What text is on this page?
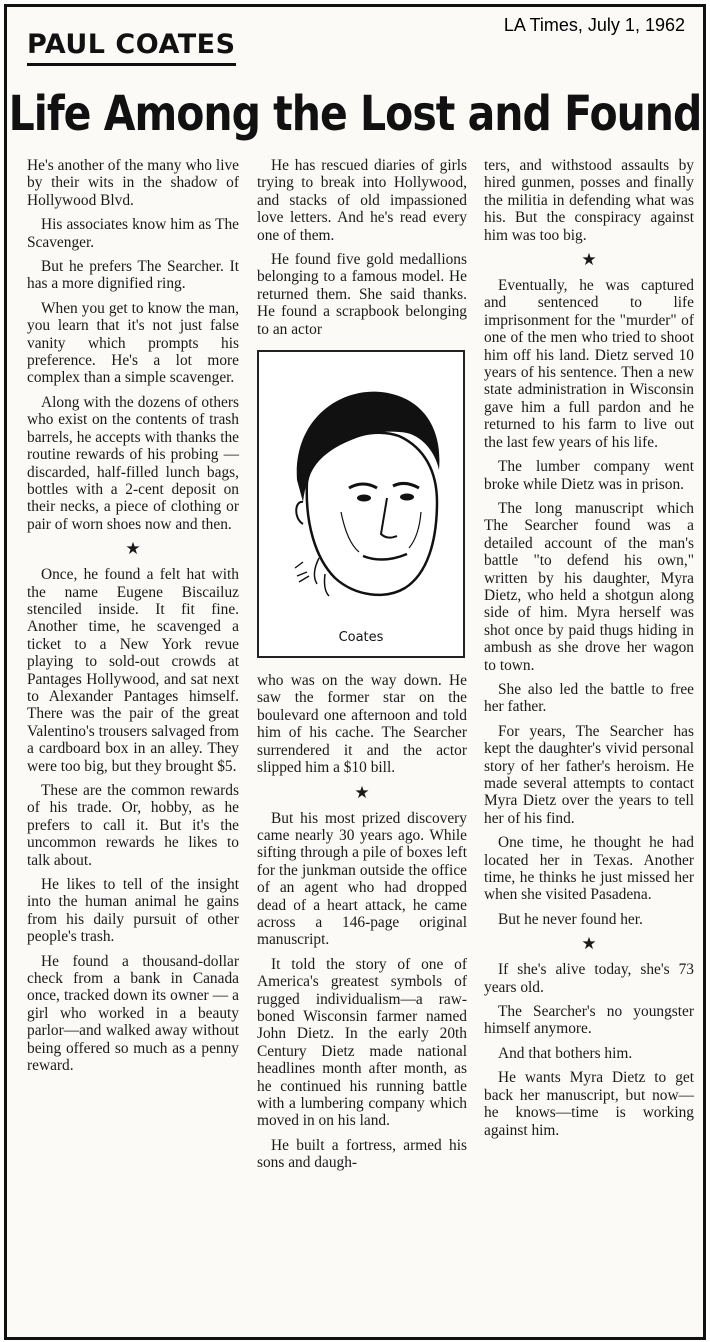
LA Times, July 1, 1962
PAUL COATES
Life Among the Lost and Found

He's another of the many who live by their wits in the shadow of Hollywood Blvd.

His associates know him as The Scavenger.

But he prefers The Searcher. It has a more dignified ring.

When you get to know the man, you learn that it's not just false vanity which prompts his preference. He's a lot more complex than a simple scavenger.

Along with the dozens of others who exist on the contents of trash barrels, he accepts with thanks the routine rewards of his probing — discarded, half-filled lunch bags, bottles with a 2-cent deposit on their necks, a piece of clothing or pair of worn shoes now and then.

★

Once, he found a felt hat with the name Eugene Biscailuz stenciled inside. It fit fine. Another time, he scavenged a ticket to a New York revue playing to sold-out crowds at Pantages Hollywood, and sat next to Alexander Pantages himself. There was the pair of the great Valentino's trousers salvaged from a cardboard box in an alley. They were too big, but they brought $5.

These are the common rewards of his trade. Or, hobby, as he prefers to call it. But it's the uncommon rewards he likes to talk about.

He likes to tell of the insight into the human animal he gains from his daily pursuit of other people's trash.

He found a thousand-dollar check from a bank in Canada once, tracked down its owner — a girl who worked in a beauty parlor—and walked away without being offered so much as a penny reward.

He has rescued diaries of girls trying to break into Hollywood, and stacks of old impassioned love letters. And he's read every one of them.

He found five gold medallions belonging to a famous model. He returned them. She said thanks. He found a scrapbook belonging to an actor

Coates

who was on the way down. He saw the former star on the boulevard one afternoon and told him of his cache. The Searcher surrendered it and the actor slipped him a $10 bill.

★

But his most prized discovery came nearly 30 years ago. While sifting through a pile of boxes left for the junkman outside the office of an agent who had dropped dead of a heart attack, he came across a 146-page original manuscript.

It told the story of one of America's greatest symbols of rugged individualism—a raw-boned Wisconsin farmer named John Dietz. In the early 20th Century Dietz made national headlines month after month, as he continued his running battle with a lumbering company which moved in on his land.

He built a fortress, armed his sons and daugh-

ters, and withstood assaults by hired gunmen, posses and finally the militia in defending what was his. But the conspiracy against him was too big.

★

Eventually, he was captured and sentenced to life imprisonment for the "murder" of one of the men who tried to shoot him off his land. Dietz served 10 years of his sentence. Then a new state administration in Wisconsin gave him a full pardon and he returned to his farm to live out the last few years of his life.

The lumber company went broke while Dietz was in prison.

The long manuscript which The Searcher found was a detailed account of the man's battle "to defend his own," written by his daughter, Myra Dietz, who held a shotgun along side of him. Myra herself was shot once by paid thugs hiding in ambush as she drove her wagon to town.

She also led the battle to free her father.

For years, The Searcher has kept the daughter's vivid personal story of her father's heroism. He made several attempts to contact Myra Dietz over the years to tell her of his find.

One time, he thought he had located her in Texas. Another time, he thinks he just missed her when she visited Pasadena.

But he never found her.

★

If she's alive today, she's 73 years old.

The Searcher's no youngster himself anymore.

And that bothers him.

He wants Myra Dietz to get back her manuscript, but now—he knows—time is working against him.
